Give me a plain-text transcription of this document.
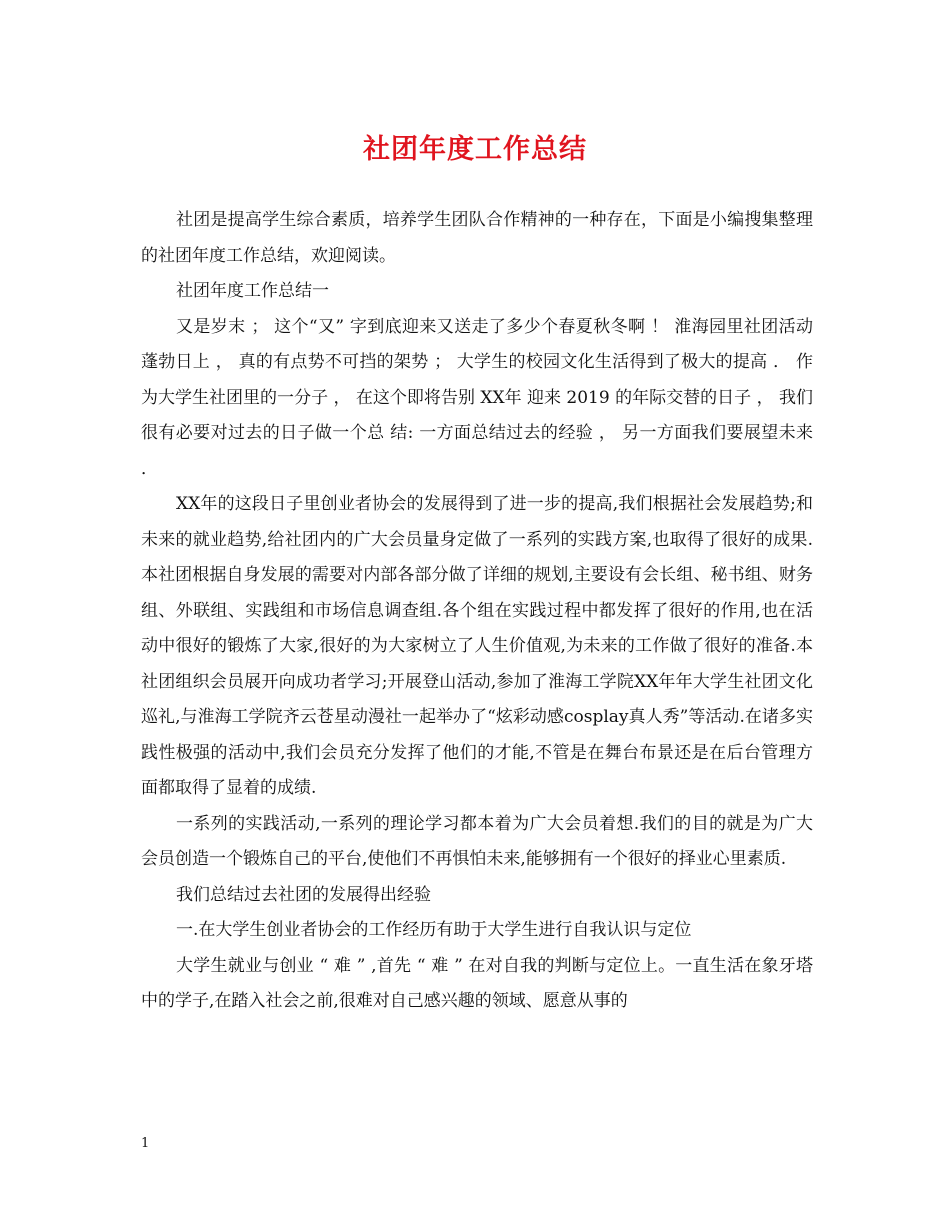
社团年度工作总结

社团是提高学生综合素质，培养学生团队合作精神的一种存在，下面是小编搜集整理的社团年度工作总结，欢迎阅读。

社团年度工作总结一

又是岁末 ； 这个“又” 字到底迎来又送走了多少个春夏秋冬啊 ！ 淮海园里社团活动蓬勃日上 ， 真的有点势不可挡的架势 ； 大学生的校园文化生活得到了极大的提高 ． 作为大学生社团里的一分子 ， 在这个即将告别 XX年 迎来 2019 的年际交替的日子 ， 我们很有必要对过去的日子做一个总 结: 一方面总结过去的经验 ， 另一方面我们要展望未来 ．

XX年的这段日子里创业者协会的发展得到了进一步的提高,我们根据社会发展趋势;和未来的就业趋势,给社团内的广大会员量身定做了一系列的实践方案,也取得了很好的成果.本社团根据自身发展的需要对内部各部分做了详细的规划,主要设有会长组、秘书组、财务组、外联组、实践组和市场信息调查组.各个组在实践过程中都发挥了很好的作用,也在活动中很好的锻炼了大家,很好的为大家树立了人生价值观,为未来的工作做了很好的准备.本社团组织会员展开向成功者学习;开展登山活动,参加了淮海工学院XX年年大学生社团文化巡礼,与淮海工学院齐云苍星动漫社一起举办了“炫彩动感cosplay真人秀”等活动.在诸多实践性极强的活动中,我们会员充分发挥了他们的才能,不管是在舞台布景还是在后台管理方面都取得了显着的成绩.

一系列的实践活动,一系列的理论学习都本着为广大会员着想.我们的目的就是为广大会员创造一个锻炼自己的平台,使他们不再惧怕未来,能够拥有一个很好的择业心里素质.

我们总结过去社团的发展得出经验

一.在大学生创业者协会的工作经历有助于大学生进行自我认识与定位

大学生就业与创业 “ 难 ” ,首先 “ 难 ” 在对自我的判断与定位上。一直生活在象牙塔中的学子,在踏入社会之前,很难对自己感兴趣的领域、愿意从事的

1
